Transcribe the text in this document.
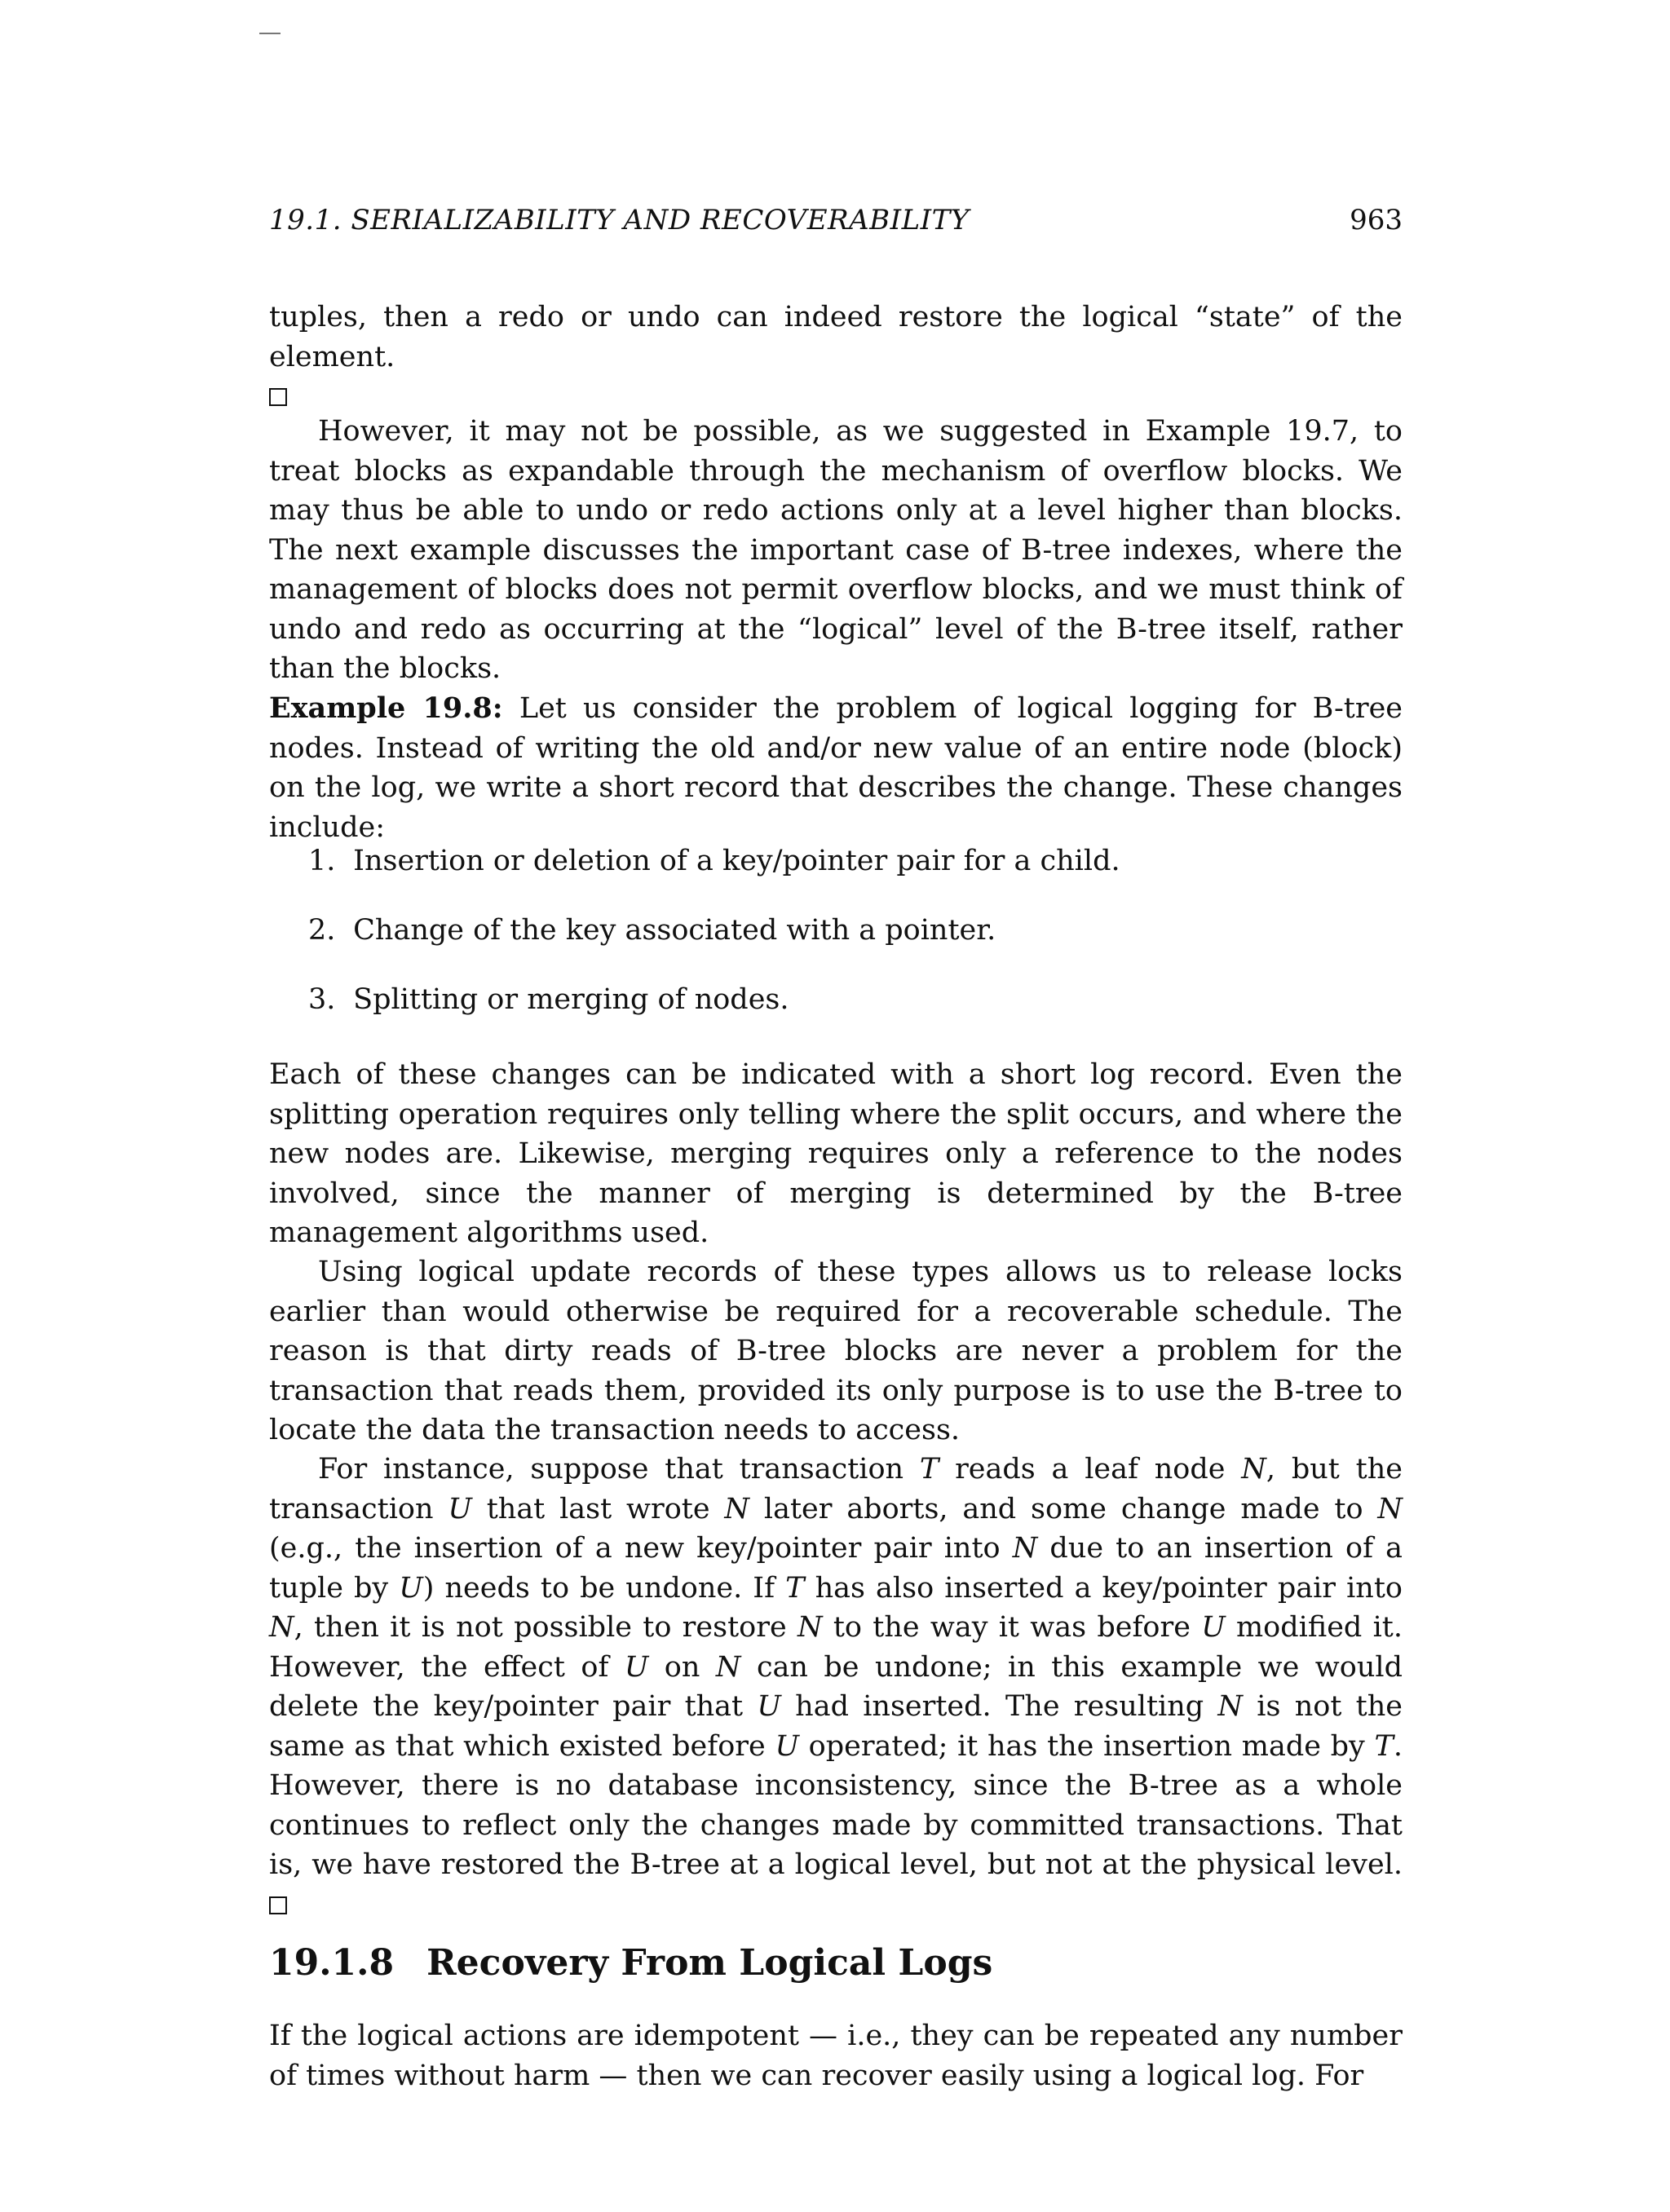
19.1. SERIALIZABILITY AND RECOVERABILITY	963
tuples, then a redo or undo can indeed restore the logical “state” of the element.

However, it may not be possible, as we suggested in Example 19.7, to treat blocks as expandable through the mechanism of overflow blocks. We may thus be able to undo or redo actions only at a level higher than blocks. The next example discusses the important case of B-tree indexes, where the management of blocks does not permit overflow blocks, and we must think of undo and redo as occurring at the “logical” level of the B-tree itself, rather than the blocks.
Example 19.8: Let us consider the problem of logical logging for B-tree nodes. Instead of writing the old and/or new value of an entire node (block) on the log, we write a short record that describes the change. These changes include:
1. Insertion or deletion of a key/pointer pair for a child.
2. Change of the key associated with a pointer.
3. Splitting or merging of nodes.
Each of these changes can be indicated with a short log record. Even the splitting operation requires only telling where the split occurs, and where the new nodes are. Likewise, merging requires only a reference to the nodes involved, since the manner of merging is determined by the B-tree management algorithms used.
Using logical update records of these types allows us to release locks earlier than would otherwise be required for a recoverable schedule. The reason is that dirty reads of B-tree blocks are never a problem for the transaction that reads them, provided its only purpose is to use the B-tree to locate the data the transaction needs to access.
For instance, suppose that transaction T reads a leaf node N, but the transaction U that last wrote N later aborts, and some change made to N (e.g., the insertion of a new key/pointer pair into N due to an insertion of a tuple by U) needs to be undone. If T has also inserted a key/pointer pair into N, then it is not possible to restore N to the way it was before U modified it. However, the effect of U on N can be undone; in this example we would delete the key/pointer pair that U had inserted. The resulting N is not the same as that which existed before U operated; it has the insertion made by T. However, there is no database inconsistency, since the B-tree as a whole continues to reflect only the changes made by committed transactions. That is, we have restored the B-tree at a logical level, but not at the physical level.
19.1.8 Recovery From Logical Logs
If the logical actions are idempotent — i.e., they can be repeated any number of times without harm — then we can recover easily using a logical log. For
